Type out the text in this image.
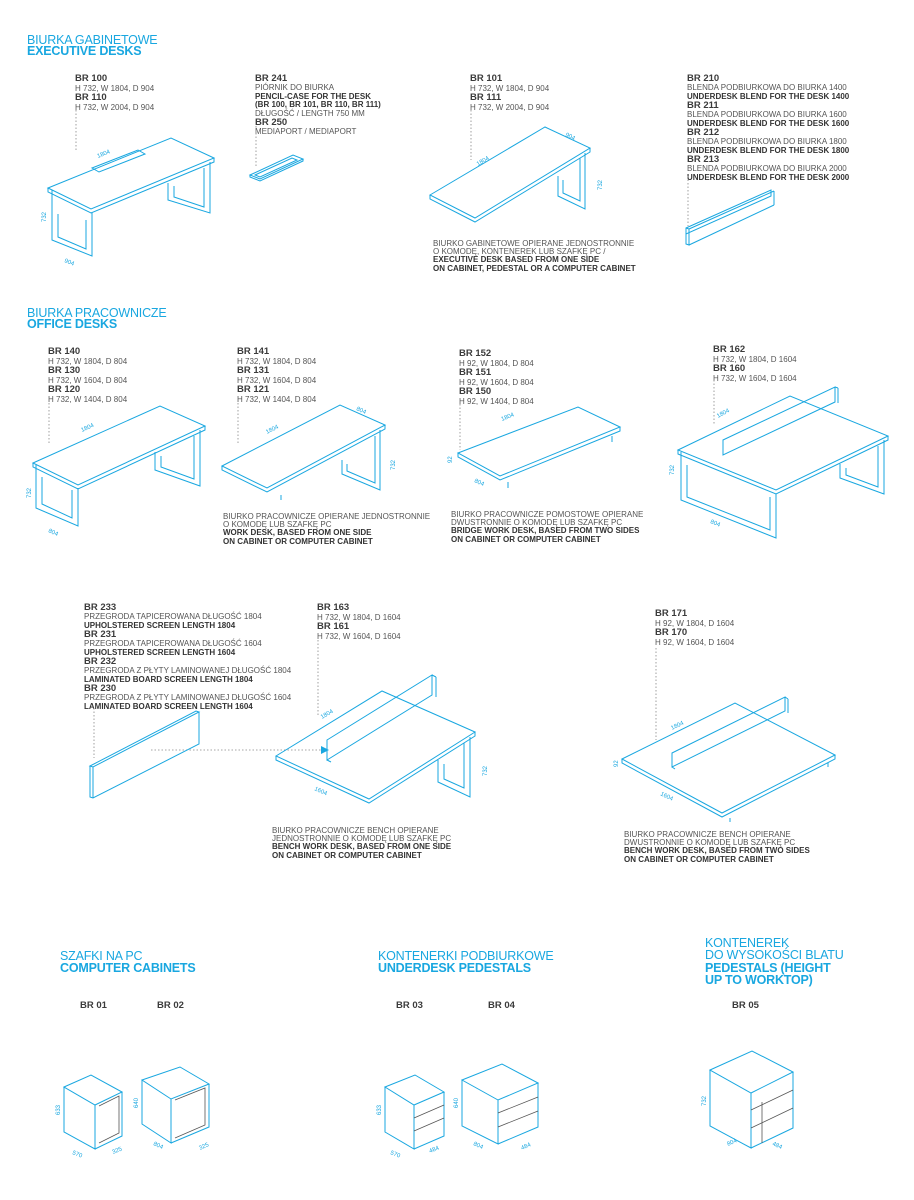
BIURKA GABINETOWE
EXECUTIVE DESKS
BR 100
H 732, W 1804, D 904
BR 110
H 732, W 2004, D 904
BR 241
PIÓRNIK DO BIURKA
PENCIL-CASE FOR THE DESK
(BR 100, BR 101, BR 110, BR 111)
DŁUGOŚĆ / LENGTH 750 MM
BR 250
MEDIAPORT / MEDIAPORT
BR 101
H 732, W 1804, D 904
BR 111
H 732, W 2004, D 904
BIURKO GABINETOWE OPIERANE JEDNOSTRONNIE
O KOMODĘ, KONTENEREK LUB SZAFKĘ PC /
EXECUTIVE DESK BASED FROM ONE SIDE
ON CABINET, PEDESTAL OR A COMPUTER CABINET
BR 210
BLENDA PODBIURKOWA DO BIURKA 1400
UNDERDESK BLEND FOR THE DESK 1400
BR 211
BLENDA PODBIURKOWA DO BIURKA 1600
UNDERDESK BLEND FOR THE DESK 1600
BR 212
BLENDA PODBIURKOWA DO BIURKA 1800
UNDERDESK BLEND FOR THE DESK 1800
BR 213
BLENDA PODBIURKOWA DO BIURKA 2000
UNDERDESK BLEND FOR THE DESK 2000
BIURKA PRACOWNICZE
OFFICE DESKS
BR 140
H 732, W 1804, D 804
BR 130
H 732, W 1604, D 804
BR 120
H 732, W 1404, D 804
BR 141
H 732, W 1804, D 804
BR 131
H 732, W 1604, D 804
BR 121
H 732, W 1404, D 804
BIURKO PRACOWNICZE OPIERANE JEDNOSTRONNIE
O KOMODĘ LUB SZAFKĘ PC
WORK DESK, BASED FROM ONE SIDE
ON CABINET OR COMPUTER CABINET
BR 152
H 92, W 1804, D 804
BR 151
H 92, W 1604, D 804
BR 150
H 92, W 1404, D 804
BIURKO PRACOWNICZE POMOSTOWE OPIERANE
DWUSTRONNIE O KOMODĘ LUB SZAFKĘ PC
BRIDGE WORK DESK, BASED FROM TWO SIDES
ON CABINET OR COMPUTER CABINET
BR 162
H 732, W 1804, D 1604
BR 160
H 732, W 1604, D 1604
BR 233
PRZEGRODA TAPICEROWANA DŁUGOŚĆ 1804
UPHOLSTERED SCREEN LENGTH 1804
BR 231
PRZEGRODA TAPICEROWANA DŁUGOŚĆ 1604
UPHOLSTERED SCREEN LENGTH 1604
BR 232
PRZEGRODA Z PŁYTY LAMINOWANEJ DŁUGOŚĆ 1804
LAMINATED BOARD SCREEN LENGTH 1804
BR 230
PRZEGRODA Z PŁYTY LAMINOWANEJ DŁUGOŚĆ 1604
LAMINATED BOARD SCREEN LENGTH 1604
BR 163
H 732, W 1804, D 1604
BR 161
H 732, W 1604, D 1604
BIURKO PRACOWNICZE BENCH OPIERANE
JEDNOSTRONNIE O KOMODĘ LUB SZAFKĘ PC
BENCH WORK DESK, BASED FROM ONE SIDE
ON CABINET OR COMPUTER CABINET
BR 171
H 92, W 1804, D 1604
BR 170
H 92, W 1604, D 1604
BIURKO PRACOWNICZE BENCH OPIERANE
DWUSTRONNIE O KOMODĘ LUB SZAFKĘ PC
BENCH WORK DESK, BASED FROM TWO SIDES
ON CABINET OR COMPUTER CABINET
SZAFKI NA PC
COMPUTER CABINETS
BR 01	BR 02
KONTENERKI PODBIURKOWE
UNDERDESK PEDESTALS
BR 03	BR 04
KONTENEREK
DO WYSOKOŚCI BLATU
PEDESTALS (HEIGHT
UP TO WORKTOP)
BR 05
1804
732
904
1804
904
732
1804
732
804
1804
804
732
1804
92
804
1804
732
804
1804
1604
732
1804
92
1604
633
570	325
640
804	325
633
570
484
640
804	484
732
804	484
